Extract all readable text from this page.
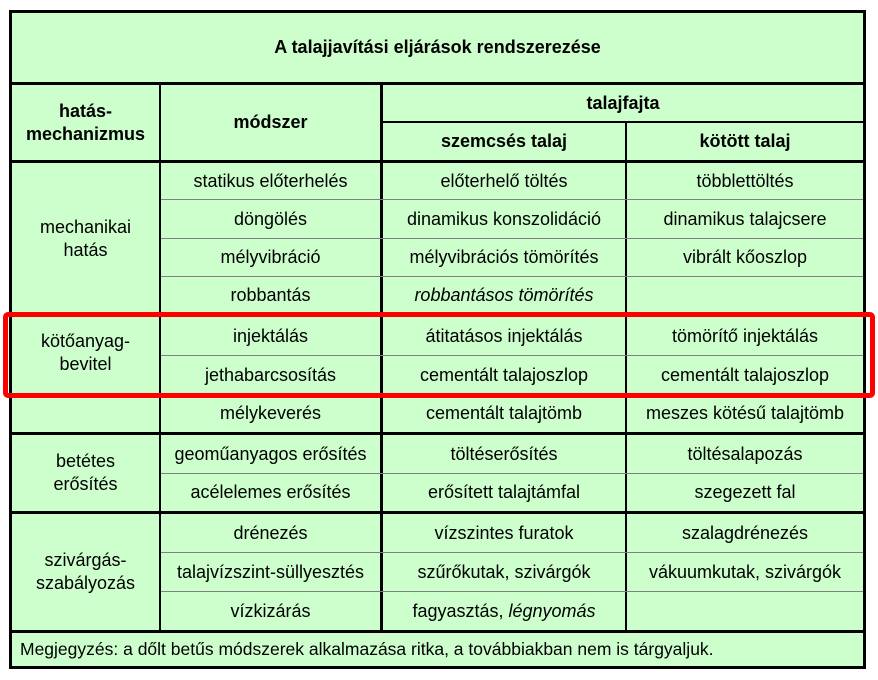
A talajjavítási eljárások rendszerezése
hatás-
mechanizmus
módszer
talajfajta
szemcsés talaj	kötött talaj
mechanikai
hatás
statikus előterhelés	előterhelő töltés	többlettöltés
döngölés	dinamikus konszolidáció	dinamikus talajcsere
mélyvibráció	mélyvibrációs tömörítés	vibrált kőoszlop
robbantás	robbantásos tömörítés
kötőanyag-
bevitel
injektálás	átitatásos injektálás	tömörítő injektálás
jethabarcsosítás	cementált talajoszlop	cementált talajoszlop
mélykeverés	cementált talajtömb	meszes kötésű talajtömb
betétes
erősítés
geoműanyagos erősítés	töltéserősítés	töltésalapozás
acélelemes erősítés	erősített talajtámfal	szegezett fal
szivárgás-
szabályozás
drénezés	vízszintes furatok	szalagdrénezés
talajvízszint-süllyesztés	szűrőkutak, szivárgók	vákuumkutak, szivárgók
vízkizárás	fagyasztás, légnyomás
Megjegyzés: a dőlt betűs módszerek alkalmazása ritka, a továbbiakban nem is tárgyaljuk.
